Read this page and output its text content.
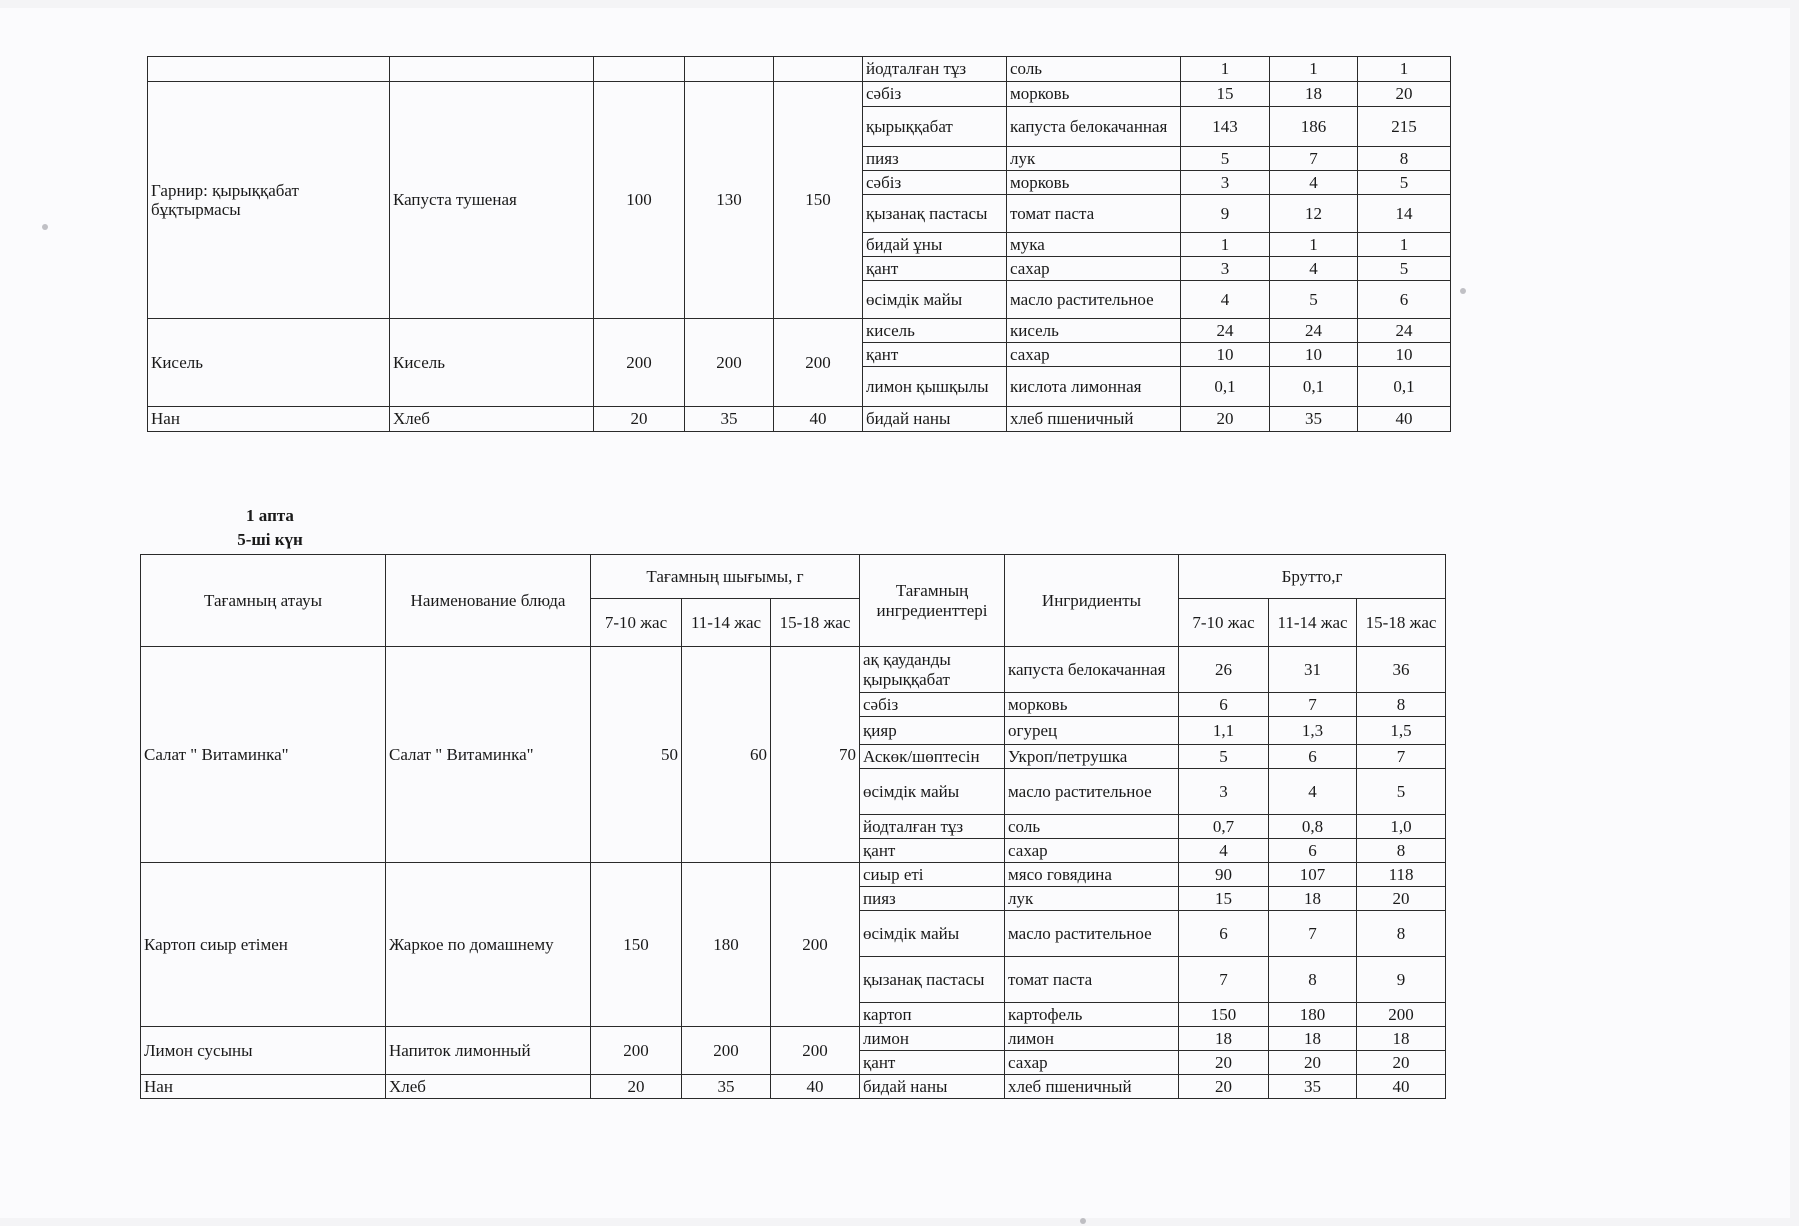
					йодталған тұз	соль	1	1	1
Гарнир: қырыққабат бұқтырмасы	Капуста тушеная	100	130	150	сәбіз	морковь	15	18	20
					қырыққабат	капуста белокачанная	143	186	215
					пияз	лук	5	7	8
					сәбіз	морковь	3	4	5
					қызанақ пастасы	томат паста	9	12	14
					бидай ұны	мука	1	1	1
					қант	сахар	3	4	5
					өсімдік майы	масло растительное	4	5	6
Кисель	Кисель	200	200	200	кисель	кисель	24	24	24
					қант	сахар	10	10	10
					лимон қышқылы	кислота лимонная	0,1	0,1	0,1
Нан	Хлеб	20	35	40	бидай наны	хлеб пшеничный	20	35	40
1 апта
5-ші күн
Тағамның атауы	Наименование блюда	Тағамның шығымы, г			Тағамның ингредиенттері	Ингридиенты	Брутто,г		
		7-10 жас	11-14 жас	15-18 жас			7-10 жас	11-14 жас	15-18 жас
Салат " Витаминка"	Салат " Витаминка"	50	60	70	ақ қауданды қырыққабат	капуста белокачанная	26	31	36
					сәбіз	морковь	6	7	8
					қияр	огурец	1,1	1,3	1,5
					Аскөк/шөптесін	Укроп/петрушка	5	6	7
					өсімдік майы	масло растительное	3	4	5
					йодталған тұз	соль	0,7	0,8	1,0
					қант	сахар	4	6	8
Картоп сиыр етімен	Жаркое по домашнему	150	180	200	сиыр еті	мясо говядина	90	107	118
					пияз	лук	15	18	20
					өсімдік майы	масло растительное	6	7	8
					қызанақ пастасы	томат паста	7	8	9
					картоп	картофель	150	180	200
Лимон сусыны	Напиток лимонный	200	200	200	лимон	лимон	18	18	18
					қант	сахар	20	20	20
Нан	Хлеб	20	35	40	бидай наны	хлеб пшеничный	20	35	40
